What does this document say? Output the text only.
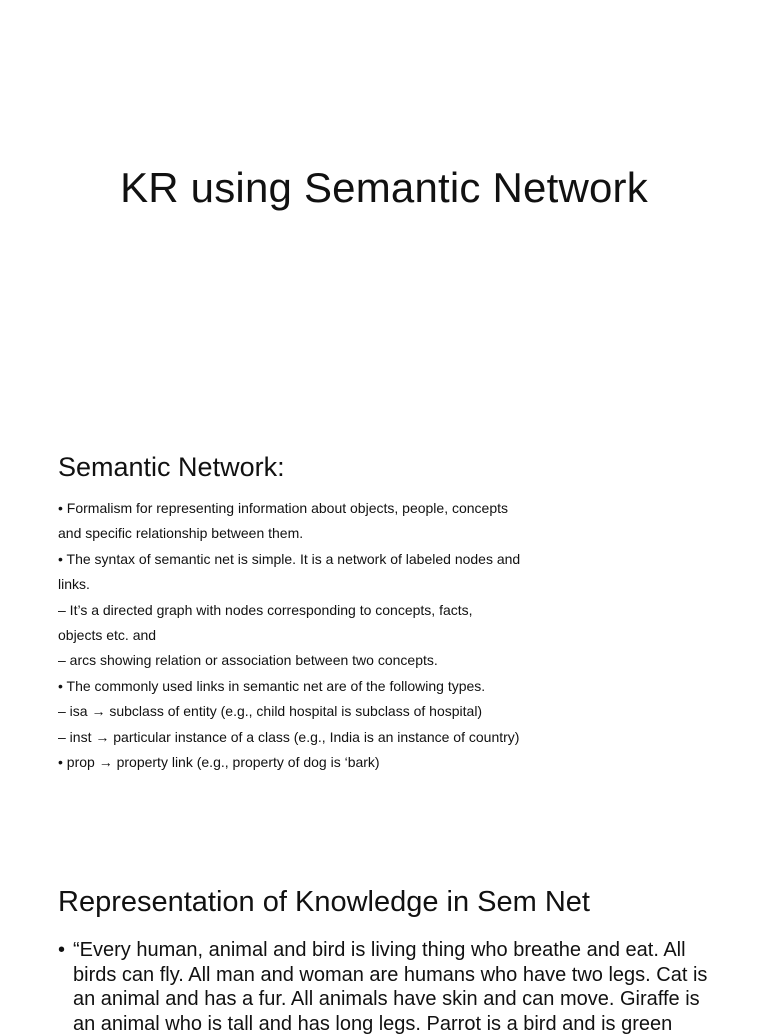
KR using Semantic Network
Semantic Network:
• Formalism for representing information about objects, people, concepts
and specific relationship between them.
• The syntax of semantic net is simple. It is a network of labeled nodes and
links.
– It’s a directed graph with nodes corresponding to concepts, facts,
objects etc. and
– arcs showing relation or association between two concepts.
• The commonly used links in semantic net are of the following types.
– isa → subclass of entity (e.g., child hospital is subclass of hospital)
– inst → particular instance of a class (e.g., India is an instance of country)
• prop → property link (e.g., property of dog is ‘bark)
Representation of Knowledge in Sem Net
• “Every human, animal and bird is living thing who breathe and eat. All birds can fly. All man and woman are humans who have two legs. Cat is an animal and has a fur. All animals have skin and can move. Giraffe is an animal who is tall and has long legs. Parrot is a bird and is green
